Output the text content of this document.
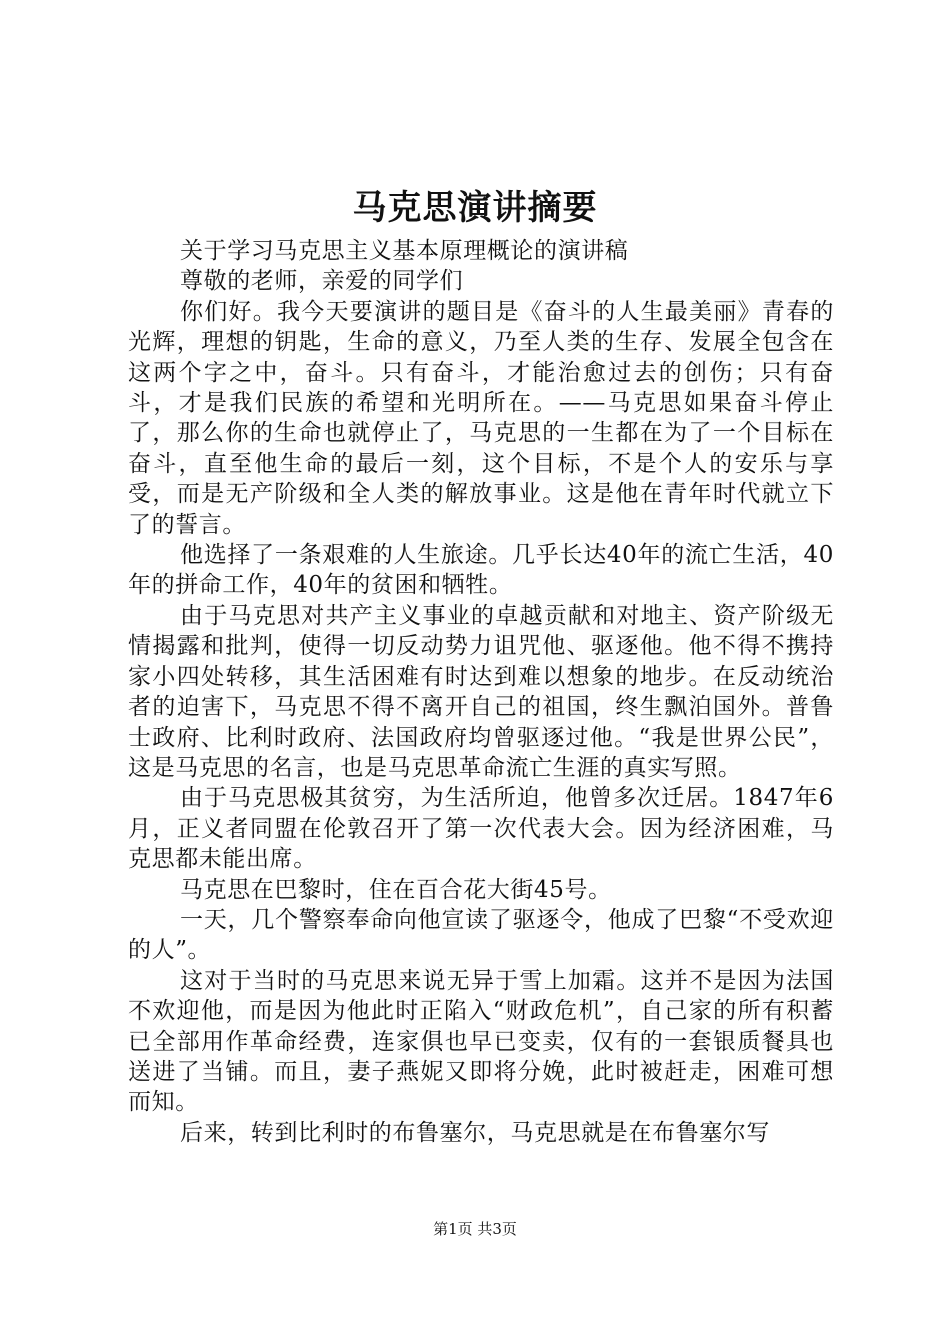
马克思演讲摘要

关于学习马克思主义基本原理概论的演讲稿

尊敬的老师，亲爱的同学们

你们好。我今天要演讲的题目是《奋斗的人生最美丽》青春的光辉，理想的钥匙，生命的意义，乃至人类的生存、发展全包含在这两个字之中，奋斗。只有奋斗，才能治愈过去的创伤；只有奋斗，才是我们民族的希望和光明所在。——马克思如果奋斗停止了，那么你的生命也就停止了，马克思的一生都在为了一个目标在奋斗，直至他生命的最后一刻，这个目标，不是个人的安乐与享受，而是无产阶级和全人类的解放事业。这是他在青年时代就立下了的誓言。

他选择了一条艰难的人生旅途。几乎长达40年的流亡生活，40年的拼命工作，40年的贫困和牺牲。

由于马克思对共产主义事业的卓越贡献和对地主、资产阶级无情揭露和批判，使得一切反动势力诅咒他、驱逐他。他不得不携持家小四处转移，其生活困难有时达到难以想象的地步。在反动统治者的迫害下，马克思不得不离开自己的祖国，终生飘泊国外。普鲁士政府、比利时政府、法国政府均曾驱逐过他。“我是世界公民”，这是马克思的名言，也是马克思革命流亡生涯的真实写照。

由于马克思极其贫穷，为生活所迫，他曾多次迁居。1847年6月，正义者同盟在伦敦召开了第一次代表大会。因为经济困难，马克思都未能出席。

马克思在巴黎时，住在百合花大街45号。

一天，几个警察奉命向他宣读了驱逐令，他成了巴黎“不受欢迎的人”。

这对于当时的马克思来说无异于雪上加霜。这并不是因为法国不欢迎他，而是因为他此时正陷入“财政危机”，自己家的所有积蓄已全部用作革命经费，连家俱也早已变卖，仅有的一套银质餐具也送进了当铺。而且，妻子燕妮又即将分娩，此时被赶走，困难可想而知。

后来，转到比利时的布鲁塞尔，马克思就是在布鲁塞尔写

第1页 共3页
